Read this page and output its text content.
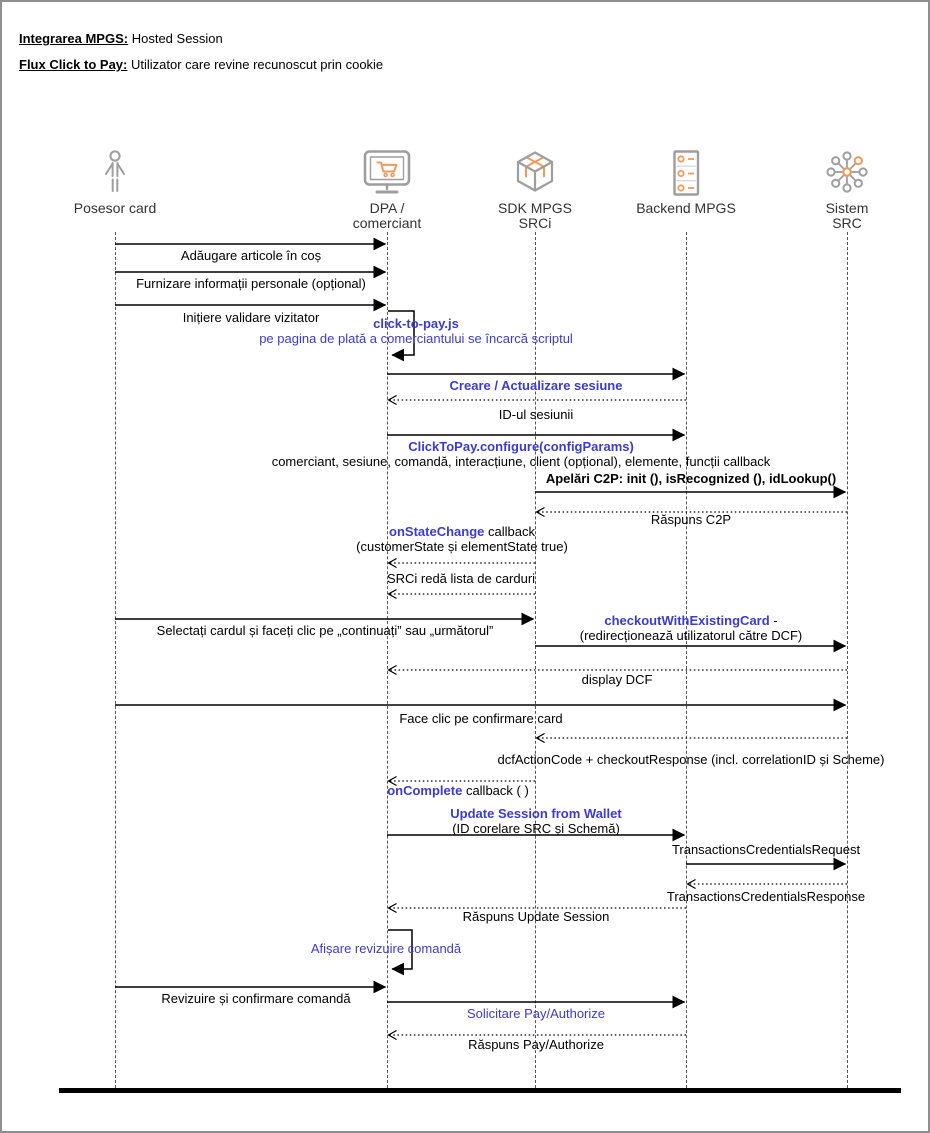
Integrarea MPGS: Hosted Session
Flux Click to Pay: Utilizator care revine recunoscut prin cookie
Posesor card	DPA /
comerciant
SDK MPGS
SRCi
Backend MPGS	Sistem
SRC
Adăugare articole în coș
Furnizare informații personale (opțional)
Inițiere validare vizitator	click-to-pay.js
pe pagina de plată a comerciantului se încarcă scriptul
Creare / Actualizare sesiune
ID-ul sesiunii
ClickToPay.configure(configParams)
comerciant, sesiune, comandă, interacțiune, client (opțional), elemente, funcții callback
Apelări C2P: init (), isRecognized (), idLookup()
Răspuns C2P
onStateChange callback
(customerState și elementState true)
SRCi redă lista de carduri
Selectați cardul și faceți clic pe „continuați” sau „următorul”
checkoutWithExistingCard -
(redirecționează utilizatorul către DCF)
display DCF
Face clic pe confirmare card
dcfActionCode + checkoutResponse (incl. correlationID și Scheme)
onComplete callback ( )
Update Session from Wallet
(ID corelare SRC și Schemă)
TransactionsCredentialsRequest
TransactionsCredentialsResponse
Răspuns Update Session
Afișare revizuire comandă
Revizuire și confirmare comandă
Solicitare Pay/Authorize
Răspuns Pay/Authorize
